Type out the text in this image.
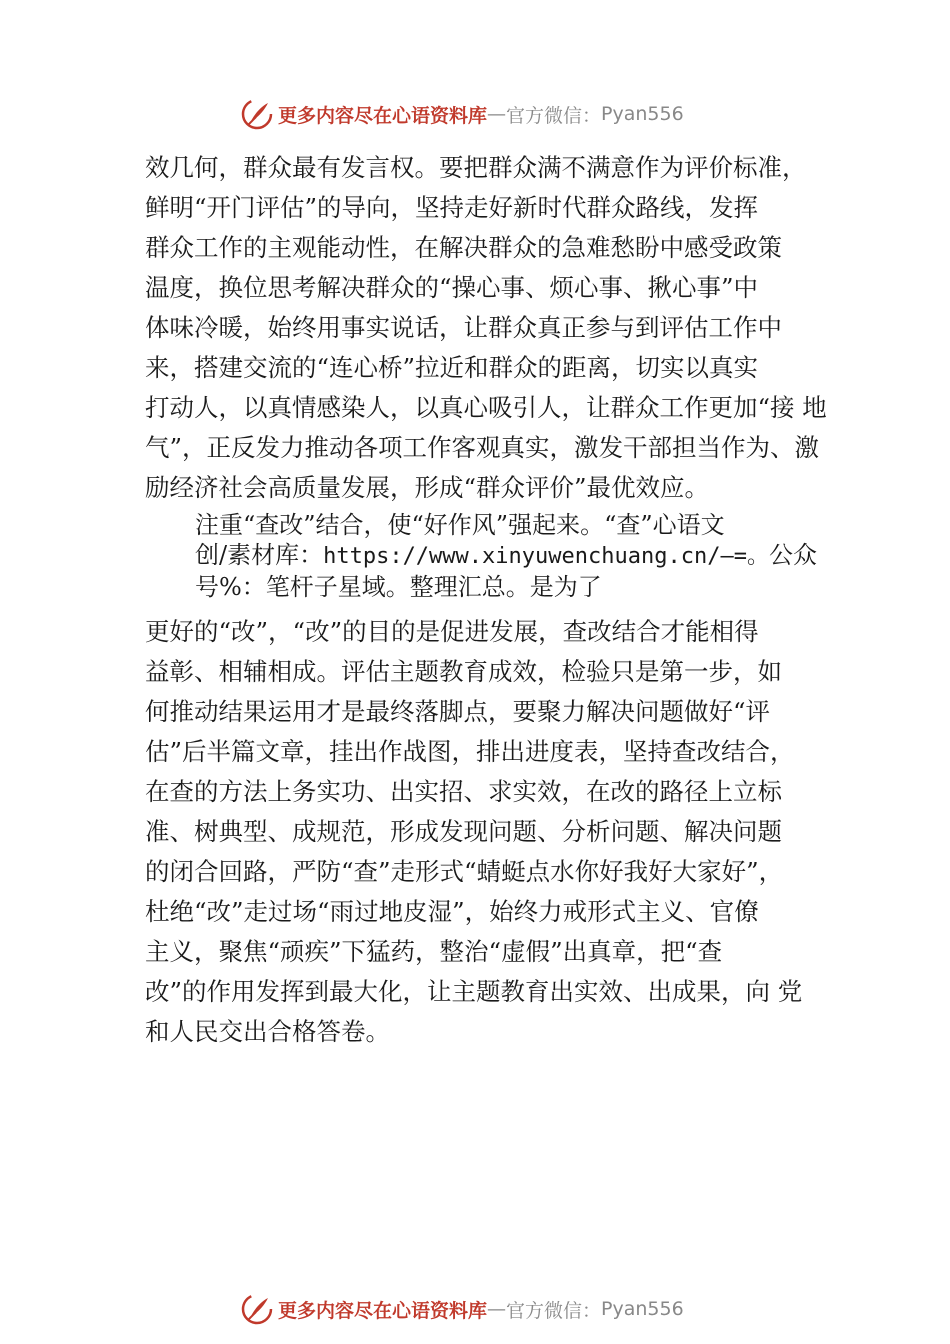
更多内容尽在心语资料库 — 官方微信： Pyan556
效几何，群众最有发言权。要把群众满不满意作为评价标准，
鲜明“开门评估”的导向，坚持走好新时代群众路线，发挥
群众工作的主观能动性，在解决群众的急难愁盼中感受政策
温度，换位思考解决群众的“操心事、烦心事、揪心事”中
体味冷暖，始终用事实说话，让群众真正参与到评估工作中
来，搭建交流的“连心桥”拉近和群众的距离，切实以真实
打动人，以真情感染人，以真心吸引人，让群众工作更加“接 地
气”，正反发力推动各项工作客观真实，激发干部担当作为、激
励经济社会高质量发展，形成“群众评价”最优效应。
注重“查改”结合，使“好作风”强起来。“查”心语文
创/素材库：https://www.xinyuwenchuang.cn/—=。公众
号%：笔杆子星域。整理汇总。是为了
更好的“改”，“改”的目的是促进发展，查改结合才能相得
益彰、相辅相成。评估主题教育成效，检验只是第一步，如
何推动结果运用才是最终落脚点，要聚力解决问题做好“评
估”后半篇文章，挂出作战图，排出进度表，坚持查改结合，
在查的方法上务实功、出实招、求实效，在改的路径上立标
准、树典型、成规范，形成发现问题、分析问题、解决问题
的闭合回路，严防“查”走形式“蜻蜓点水你好我好大家好”，
杜绝“改”走过场“雨过地皮湿”，始终力戒形式主义、官僚
主义，聚焦“顽疾”下猛药，整治“虚假”出真章，把“查
改”的作用发挥到最大化，让主题教育出实效、出成果，向 党
和人民交出合格答卷。
更多内容尽在心语资料库 — 官方微信： Pyan556
